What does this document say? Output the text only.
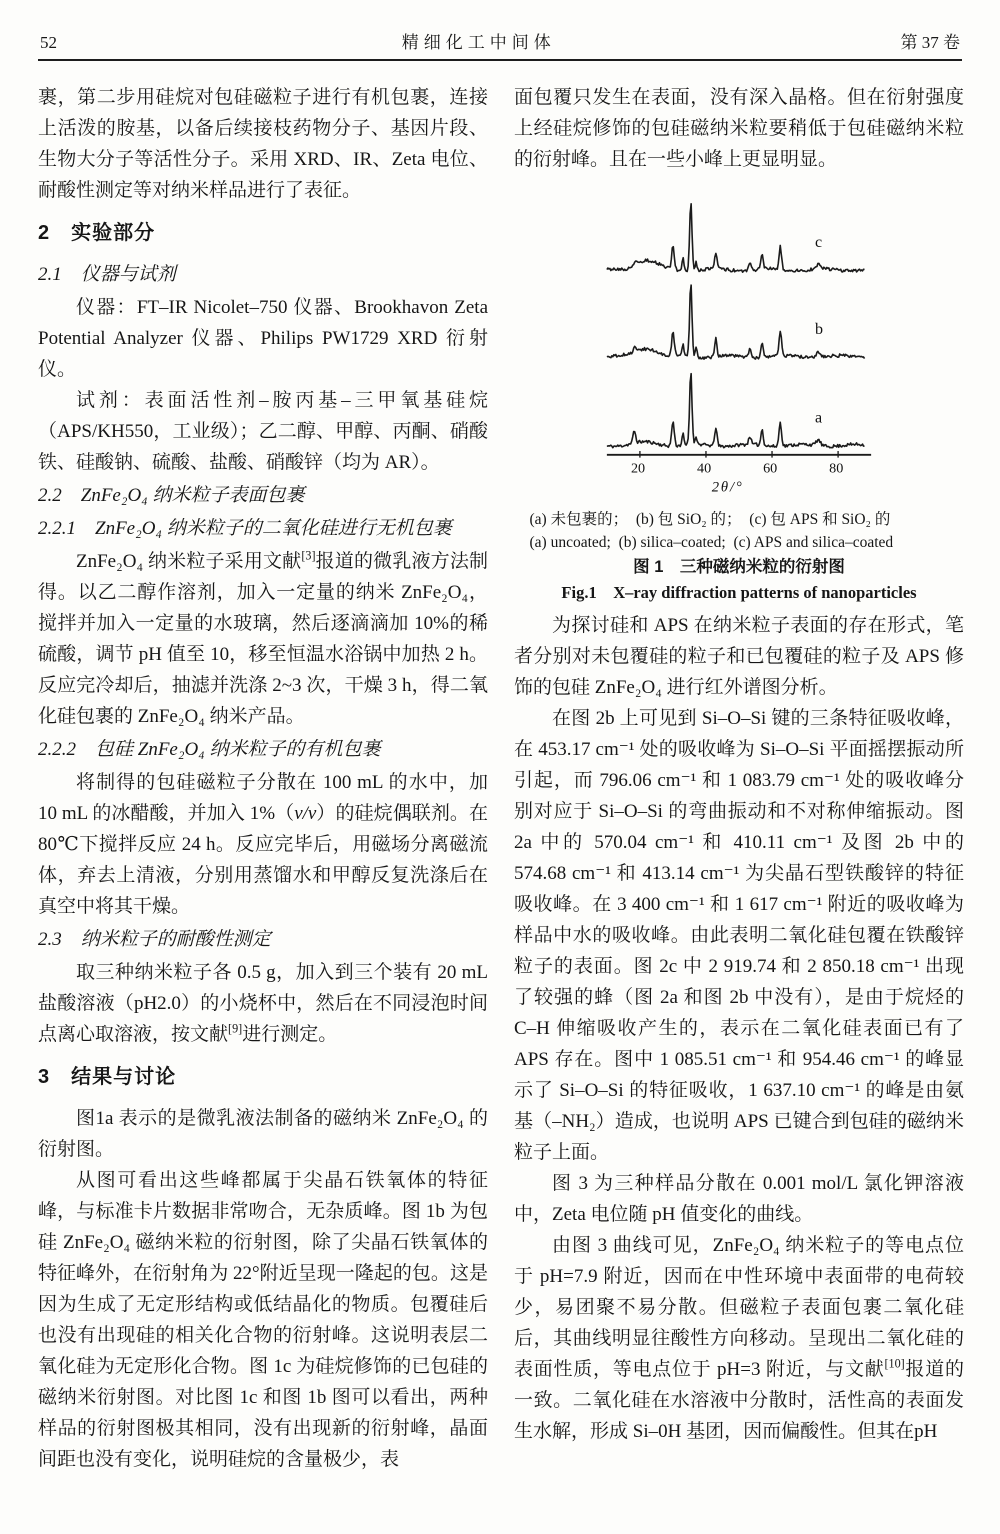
52	精细化工中间体	第 37 卷

裹，第二步用硅烷对包硅磁粒子进行有机包裹，连接上活泼的胺基，以备后续接枝药物分子、基因片段、生物大分子等活性分子。采用 XRD、IR、Zeta 电位、耐酸性测定等对纳米样品进行了表征。

2　实验部分
2.1　仪器与试剂

仪器：FT–IR Nicolet–750 仪器、Brookhavon Zeta Potential Analyzer 仪器、Philips PW1729 XRD 衍射仪。

试剂：表面活性剂–胺丙基–三甲氧基硅烷（APS/KH550，工业级）；乙二醇、甲醇、丙酮、硝酸铁、硅酸钠、硫酸、盐酸、硝酸锌（均为 AR）。

2.2　ZnFe₂O₄ 纳米粒子表面包裹
2.2.1　ZnFe₂O₄ 纳米粒子的二氧化硅进行无机包裹

ZnFe₂O₄ 纳米粒子采用文献[3]报道的微乳液方法制得。以乙二醇作溶剂，加入一定量的纳米 ZnFe₂O₄，搅拌并加入一定量的水玻璃，然后逐滴滴加 10%的稀硫酸，调节 pH 值至 10，移至恒温水浴锅中加热 2 h。反应完冷却后，抽滤并洗涤 2~3 次，干燥 3 h，得二氧化硅包裹的 ZnFe₂O₄ 纳米产品。

2.2.2　包硅 ZnFe₂O₄ 纳米粒子的有机包裹

将制得的包硅磁粒子分散在 100 mL 的水中，加 10 mL 的冰醋酸，并加入 1%（v/v）的硅烷偶联剂。在 80℃下搅拌反应 24 h。反应完毕后，用磁场分离磁流体，弃去上清液，分别用蒸馏水和甲醇反复洗涤后在真空中将其干燥。

2.3　纳米粒子的耐酸性测定

取三种纳米粒子各 0.5 g，加入到三个装有 20 mL 盐酸溶液（pH2.0）的小烧杯中，然后在不同浸泡时间点离心取溶液，按文献[9]进行测定。

3　结果与讨论

图1a 表示的是微乳液法制备的磁纳米 ZnFe₂O₄ 的衍射图。

从图可看出这些峰都属于尖晶石铁氧体的特征峰，与标准卡片数据非常吻合，无杂质峰。图 1b 为包硅 ZnFe₂O₄ 磁纳米粒的衍射图，除了尖晶石铁氧体的特征峰外，在衍射角为 22°附近呈现一隆起的包。这是因为生成了无定形结构或低结晶化的物质。包覆硅后也没有出现硅的相关化合物的衍射峰。这说明表层二氧化硅为无定形化合物。图 1c 为硅烷修饰的已包硅的磁纳米衍射图。对比图 1c 和图 1b 图可以看出，两种样品的衍射图极其相同，没有出现新的衍射峰，晶面间距也没有变化，说明硅烷的含量极少，表

面包覆只发生在表面，没有深入晶格。但在衍射强度上经硅烷修饰的包硅磁纳米粒要稍低于包硅磁纳米粒的衍射峰。且在一些小峰上更显明显。

a
b
c
20	40	60	80
2θ/°
(a) 未包裹的；  (b) 包 SiO₂ 的；  (c) 包 APS 和 SiO₂ 的
(a) uncoated;  (b) silica–coated;  (c) APS and silica–coated
图 1　三种磁纳米粒的衍射图
Fig.1　X–ray diffraction patterns of nanoparticles

为探讨硅和 APS 在纳米粒子表面的存在形式，笔者分别对未包覆硅的粒子和已包覆硅的粒子及 APS 修饰的包硅 ZnFe₂O₄ 进行红外谱图分析。

在图 2b 上可见到 Si–O–Si 键的三条特征吸收峰，在 453.17 cm⁻¹ 处的吸收峰为 Si–O–Si 平面摇摆振动所引起，而 796.06 cm⁻¹ 和 1 083.79 cm⁻¹ 处的吸收峰分别对应于 Si–O–Si 的弯曲振动和不对称伸缩振动。图 2a 中的 570.04 cm⁻¹ 和 410.11 cm⁻¹ 及图 2b 中的 574.68 cm⁻¹ 和 413.14 cm⁻¹ 为尖晶石型铁酸锌的特征吸收峰。在 3 400 cm⁻¹ 和 1 617 cm⁻¹ 附近的吸收峰为样品中水的吸收峰。由此表明二氧化硅包覆在铁酸锌粒子的表面。图 2c 中 2 919.74 和 2 850.18 cm⁻¹ 出现了较强的蜂（图 2a 和图 2b 中没有），是由于烷烃的 C–H 伸缩吸收产生的，表示在二氧化硅表面已有了 APS 存在。图中 1 085.51 cm⁻¹ 和 954.46 cm⁻¹ 的峰显示了 Si–O–Si 的特征吸收，1 637.10 cm⁻¹ 的峰是由氨基（–NH₂）造成，也说明 APS 已键合到包硅的磁纳米粒子上面。

图 3 为三种样品分散在 0.001 mol/L 氯化钾溶液中，Zeta 电位随 pH 值变化的曲线。

由图 3 曲线可见，ZnFe₂O₄ 纳米粒子的等电点位于 pH=7.9 附近，因而在中性环境中表面带的电荷较少，易团聚不易分散。但磁粒子表面包裹二氧化硅后，其曲线明显往酸性方向移动。呈现出二氧化硅的表面性质，等电点位于 pH=3 附近，与文献[10]报道的一致。二氧化硅在水溶液中分散时，活性高的表面发生水解，形成 Si–0H 基团，因而偏酸性。但其在pH
